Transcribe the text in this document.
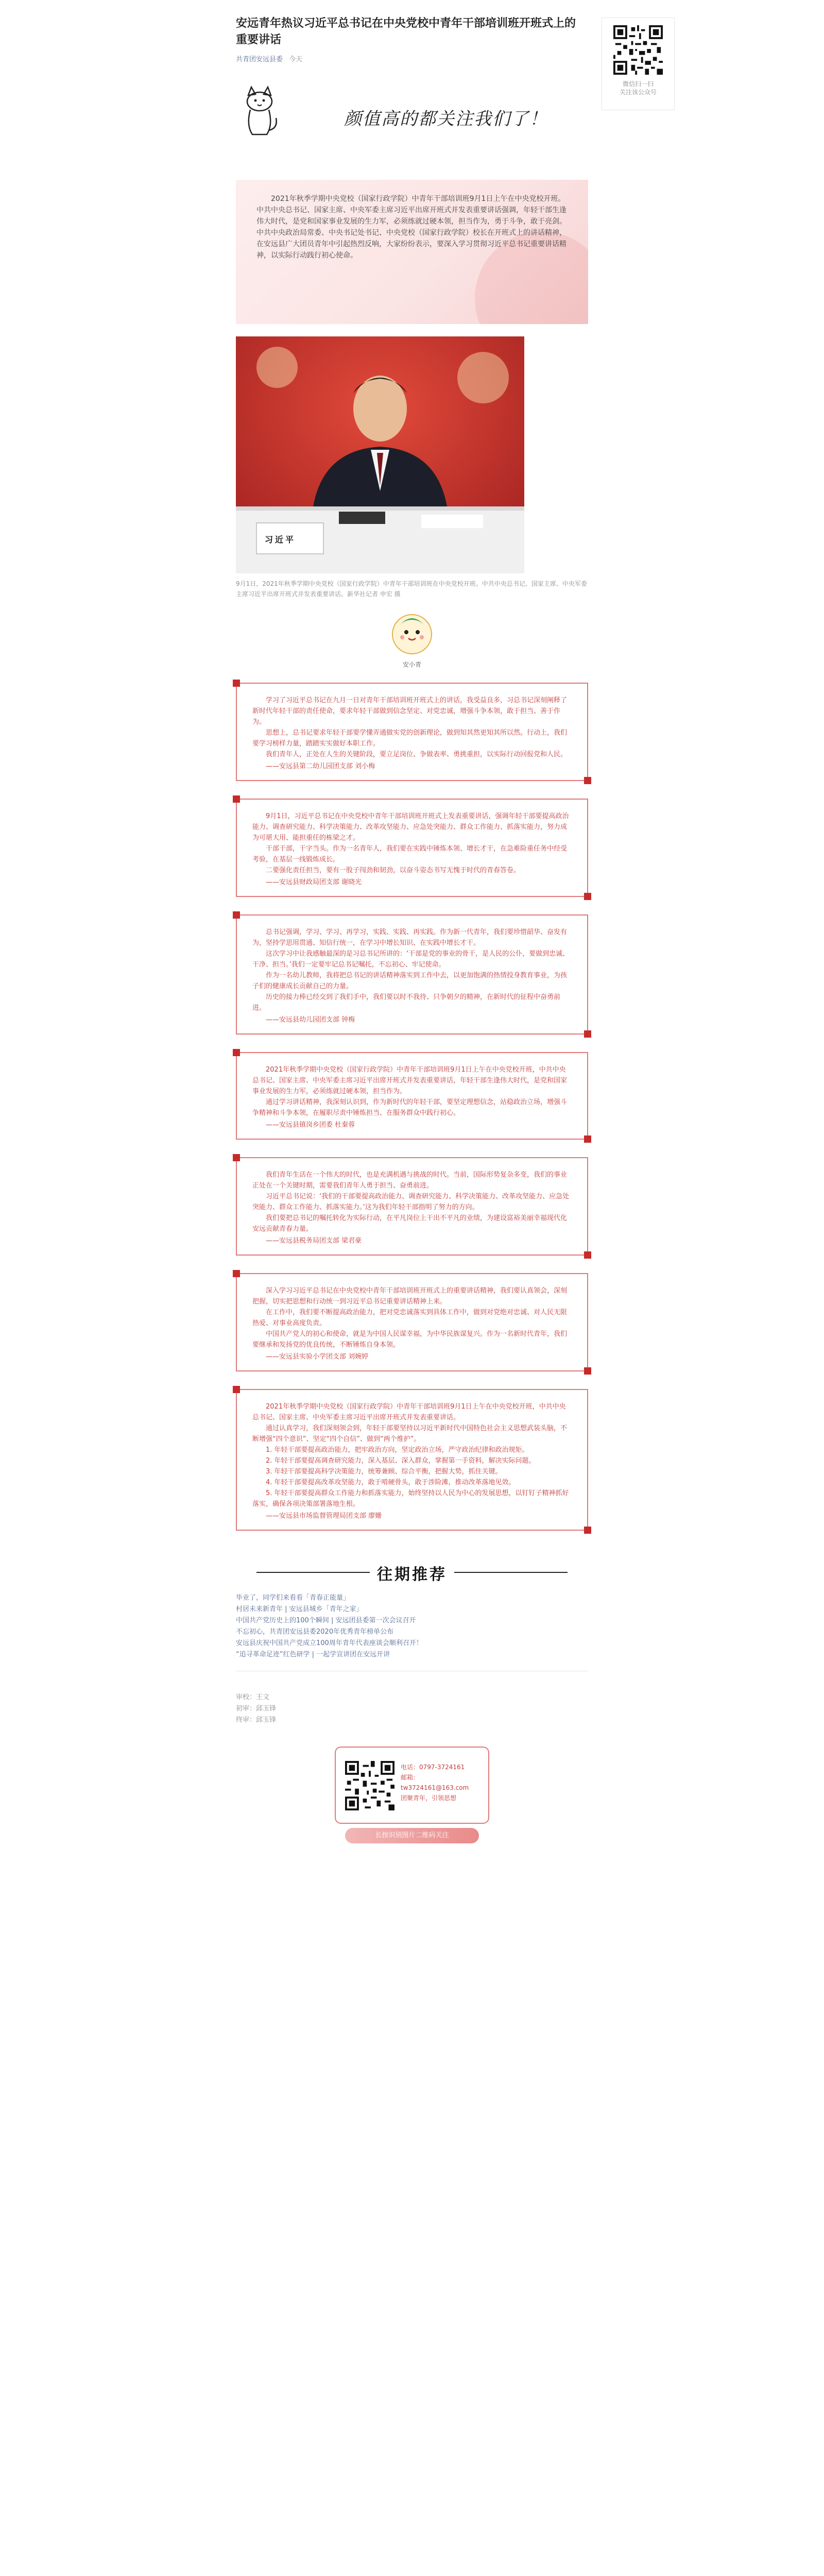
微信扫一扫
关注该公众号
安远青年热议习近平总书记在中央党校中青年干部培训班开班式上的重要讲话
共青团安远县委 今天
颜值高的都关注我们了！

2021年秋季学期中央党校（国家行政学院）中青年干部培训班9月1日上午在中央党校开班。中共中央总书记、国家主席、中央军委主席习近平出席开班式并发表重要讲话强调，年轻干部生逢伟大时代，是党和国家事业发展的生力军，必须练就过硬本领，担当作为，勇于斗争，敢于亮剑。中共中央政治局常委、中央书记处书记、中央党校（国家行政学院）校长在开班式上的讲话精神，在安远县广大团员青年中引起热烈反响，大家纷纷表示，要深入学习贯彻习近平总书记重要讲话精神，以实际行动践行初心使命。

习近平
9月1日，2021年秋季学期中央党校（国家行政学院）中青年干部培训班在中央党校开班。中共中央总书记、国家主席、中央军委主席习近平出席开班式并发表重要讲话。新华社记者 申宏 摄
安小青

学习了习近平总书记在九月一日对青年干部培训班开班式上的讲话，我受益良多，习总书记深刻阐释了新时代年轻干部的责任使命，要求年轻干部做到信念坚定、对党忠诚，增强斗争本领，敢于担当、善于作为。

思想上，总书记要求年轻干部要学懂弄通做实党的创新理论，做到知其然更知其所以然。行动上，我们要学习榜样力量，踏踏实实做好本职工作。

我们青年人，正处在人生的关键阶段，要立足岗位、争做表率、勇挑重担，以实际行动回报党和人民。

——安远县第二幼儿园团支部 刘小梅

9月1日，习近平总书记在中央党校中青年干部培训班开班式上发表重要讲话，强调年轻干部要提高政治能力、调查研究能力、科学决策能力、改革攻坚能力、应急处突能力、群众工作能力、抓落实能力，努力成为可堪大用、能担重任的栋梁之才。

干部干部，干字当头。作为一名青年人，我们要在实践中锤炼本领、增长才干，在急难险重任务中经受考验，在基层一线锻炼成长。

二要强化责任担当，要有一股子闯劲和韧劲，以奋斗姿态书写无愧于时代的青春答卷。

——安远县财政局团支部 谢晓光

总书记强调，学习、学习、再学习，实践、实践、再实践。作为新一代青年，我们要珍惜韶华、奋发有为，坚持学思用贯通、知信行统一，在学习中增长知识、在实践中增长才干。

这次学习中让我感触最深的是习总书记所讲的：‘干部是党的事业的骨干，是人民的公仆，要做到忠诚、干净、担当。’我们一定要牢记总书记嘱托，不忘初心、牢记使命。

作为一名幼儿教师，我将把总书记的讲话精神落实到工作中去，以更加饱满的热情投身教育事业，为孩子们的健康成长贡献自己的力量。

历史的接力棒已经交到了我们手中，我们要以时不我待、只争朝夕的精神，在新时代的征程中奋勇前进。

——安远县幼儿园团支部 钟梅

2021年秋季学期中央党校（国家行政学院）中青年干部培训班9月1日上午在中央党校开班，中共中央总书记、国家主席、中央军委主席习近平出席开班式并发表重要讲话，年轻干部生逢伟大时代，是党和国家事业发展的生力军，必须练就过硬本领，担当作为。

通过学习讲话精神，我深刻认识到，作为新时代的年轻干部，要坚定理想信念，站稳政治立场，增强斗争精神和斗争本领，在履职尽责中锤炼担当、在服务群众中践行初心。

——安远县镇岗乡团委 杜秦蓉

我们青年生活在一个伟大的时代，也是充满机遇与挑战的时代。当前，国际形势复杂多变，我们的事业正处在一个关键时期，需要我们青年人勇于担当、奋勇前进。

习近平总书记说：‘我们的干部要提高政治能力、调查研究能力、科学决策能力、改革攻坚能力、应急处突能力、群众工作能力、抓落实能力。’这为我们年轻干部指明了努力的方向。

我们要把总书记的嘱托转化为实际行动，在平凡岗位上干出不平凡的业绩，为建设富裕美丽幸福现代化安远贡献青春力量。

——安远县税务局团支部 梁君豪

深入学习习近平总书记在中央党校中青年干部培训班开班式上的重要讲话精神，我们要认真领会，深刻把握，切实把思想和行动统一到习近平总书记重要讲话精神上来。

在工作中，我们要不断提高政治能力，把对党忠诚落实到具体工作中，做到对党绝对忠诚、对人民无限热爱、对事业高度负责。

中国共产党人的初心和使命，就是为中国人民谋幸福，为中华民族谋复兴。作为一名新时代青年，我们要继承和发扬党的优良传统，不断锤炼自身本领。

——安远县实验小学团支部 刘婉婷

2021年秋季学期中央党校（国家行政学院）中青年干部培训班9月1日上午在中央党校开班，中共中央总书记、国家主席、中央军委主席习近平出席开班式并发表重要讲话。

通过认真学习，我们深刻领会到，年轻干部要坚持以习近平新时代中国特色社会主义思想武装头脑，不断增强“四个意识”、坚定“四个自信”、做到“两个维护”。

1. 年轻干部要提高政治能力，把牢政治方向，坚定政治立场，严守政治纪律和政治规矩。

2. 年轻干部要提高调查研究能力，深入基层、深入群众，掌握第一手资料，解决实际问题。

3. 年轻干部要提高科学决策能力，统筹兼顾、综合平衡，把握大势，抓住关键。

4. 年轻干部要提高改革攻坚能力，敢于啃硬骨头，敢于涉险滩，推动改革落地见效。

5. 年轻干部要提高群众工作能力和抓落实能力，始终坚持以人民为中心的发展思想，以钉钉子精神抓好落实，确保各项决策部署落地生根。

——安远县市场监督管理局团支部 廖姗

往期推荐
毕业了，同学们来看看「青春正能量」
村居未来新青年 | 安远县城乡「青年之家」
中国共产党历史上的100个瞬间 | 安远团县委第一次会议召开
不忘初心，共青团安远县委2020年优秀青年榜单公布
安远县庆祝中国共产党成立100周年青年代表座谈会顺利召开！
“追寻革命足迹”红色研学 | 一起学宣讲团在安远开讲
审校：王文
初审：邱玉锋
终审：邱玉锋
电话：0797-3724161
邮箱：
tw3724161@163.com
团聚青年，引领思想
长按识别图片二维码关注
